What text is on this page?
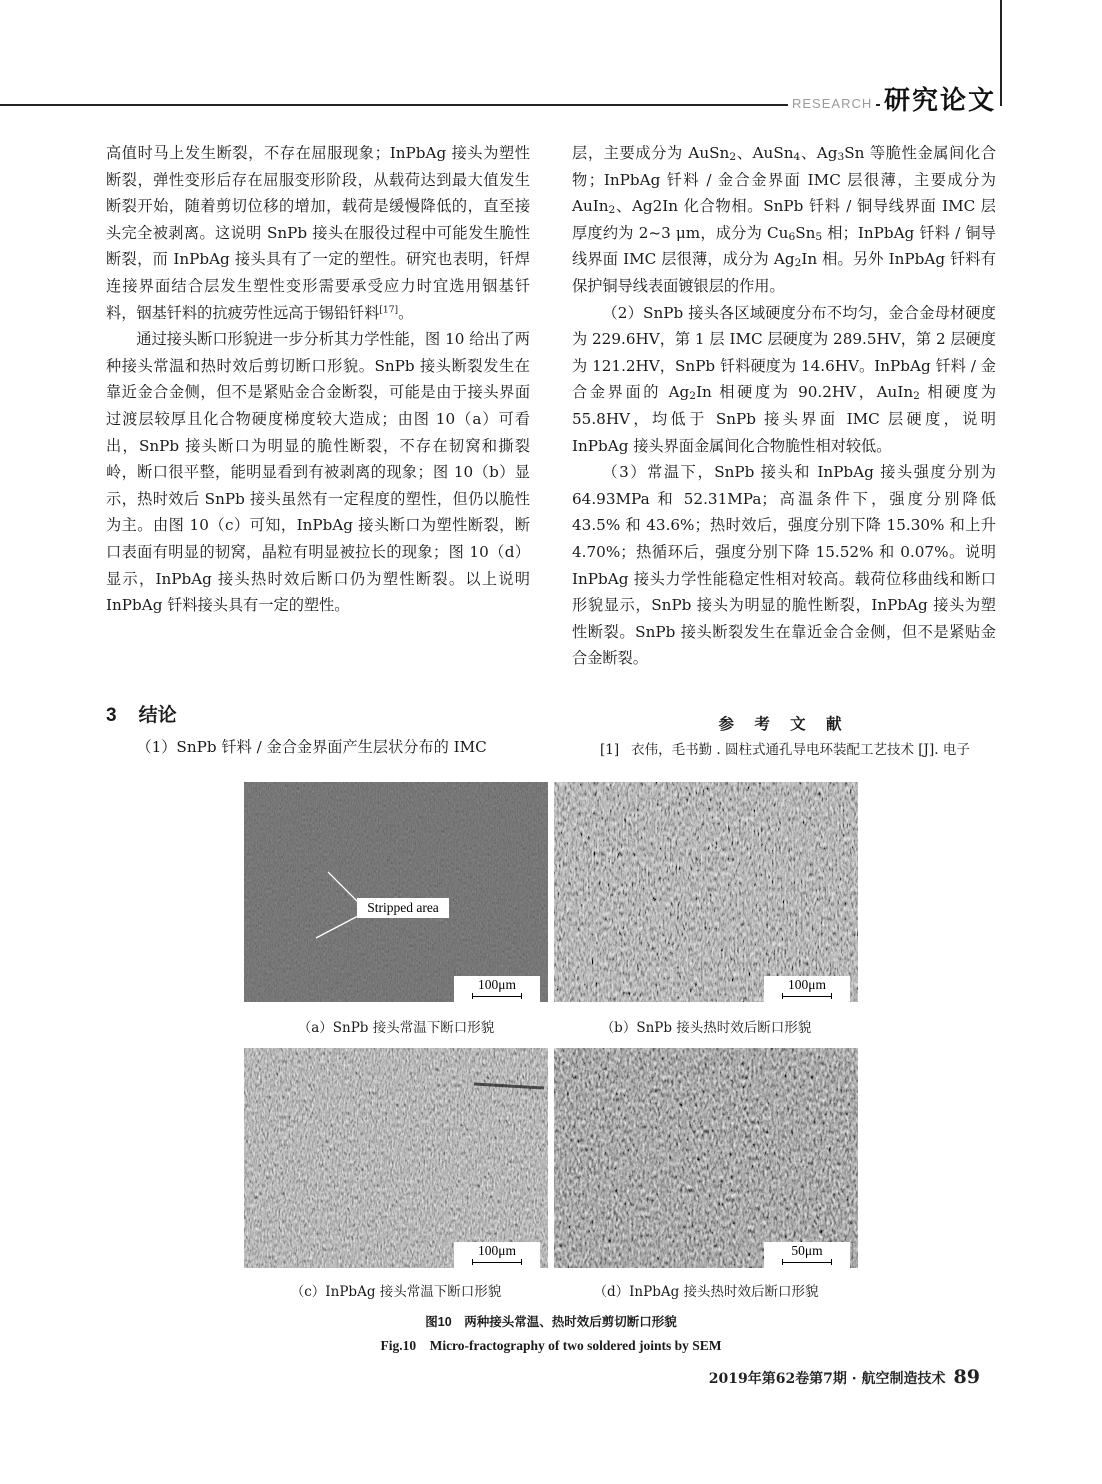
RESEARCH 研究论文

高值时马上发生断裂，不存在屈服现象；InPbAg 接头为塑性断裂，弹性变形后存在屈服变形阶段，从载荷达到最大值发生断裂开始，随着剪切位移的增加，载荷是缓慢降低的，直至接头完全被剥离。这说明 SnPb 接头在服役过程中可能发生脆性断裂，而 InPbAg 接头具有了一定的塑性。研究也表明，钎焊连接界面结合层发生塑性变形需要承受应力时宜选用铟基钎料，铟基钎料的抗疲劳性远高于锡铅钎料[17]。

通过接头断口形貌进一步分析其力学性能，图 10 给出了两种接头常温和热时效后剪切断口形貌。SnPb 接头断裂发生在靠近金合金侧，但不是紧贴金合金断裂，可能是由于接头界面过渡层较厚且化合物硬度梯度较大造成；由图 10（a）可看出，SnPb 接头断口为明显的脆性断裂，不存在韧窝和撕裂岭，断口很平整，能明显看到有被剥离的现象；图 10（b）显示，热时效后 SnPb 接头虽然有一定程度的塑性，但仍以脆性为主。由图 10（c）可知，InPbAg 接头断口为塑性断裂，断口表面有明显的韧窝，晶粒有明显被拉长的现象；图 10（d）显示，InPbAg 接头热时效后断口仍为塑性断裂。以上说明 InPbAg 钎料接头具有一定的塑性。

层，主要成分为 AuSn$_2$、AuSn$_4$、$Ag_3Sn$ 等脆性金属间化合物；InPbAg 钎料 / 金合金界面 IMC 层很薄，主要成分为 AuIn$_2$、Ag2In 化合物相。SnPb 钎料 / 铜导线界面 IMC 层厚度约为 2~3 μm，成分为 $Cu_6Sn_5$ 相；InPbAg 钎料 / 铜导线界面 IMC 层很薄，成分为 $Ag_2In$ 相。另外 InPbAg 钎料有保护铜导线表面镀银层的作用。

（2）SnPb 接头各区域硬度分布不均匀，金合金母材硬度为 229.6HV，第 1 层 IMC 层硬度为 289.5HV，第 2 层硬度为 121.2HV，SnPb 钎料硬度为 14.6HV。InPbAg 钎料 / 金合金界面的 $Ag_2In$ 相硬度为 90.2HV，AuIn$_2$ 相硬度为 55.8HV，均低于 SnPb 接头界面 IMC 层硬度，说明 InPbAg 接头界面金属间化合物脆性相对较低。

（3）常温下，SnPb 接头和 InPbAg 接头强度分别为 64.93MPa 和 52.31MPa；高温条件下，强度分别降低 43.5% 和 43.6%；热时效后，强度分别下降 15.30% 和上升 4.70%；热循环后，强度分别下降 15.52% 和 0.07%。说明 InPbAg 接头力学性能稳定性相对较高。载荷位移曲线和断口形貌显示，SnPb 接头为明显的脆性断裂，InPbAg 接头为塑性断裂。SnPb 接头断裂发生在靠近金合金侧，但不是紧贴金合金断裂。

3 结论
（1）SnPb 钎料 / 金合金界面产生层状分布的 IMC
参 考 文 献
[1] 衣伟，毛书勤 . 圆柱式通孔导电环装配工艺技术 [J]. 电子
Stripped area
100μm	100μm
100μm	50μm
（a）SnPb 接头常温下断口形貌	（b）SnPb 接头热时效后断口形貌
（c）InPbAg 接头常温下断口形貌	（d）InPbAg 接头热时效后断口形貌
图10　两种接头常温、热时效后剪切断口形貌
Fig.10　Micro-fractography of two soldered joints by SEM
2019年第62卷第7期 · 航空制造技术 89
